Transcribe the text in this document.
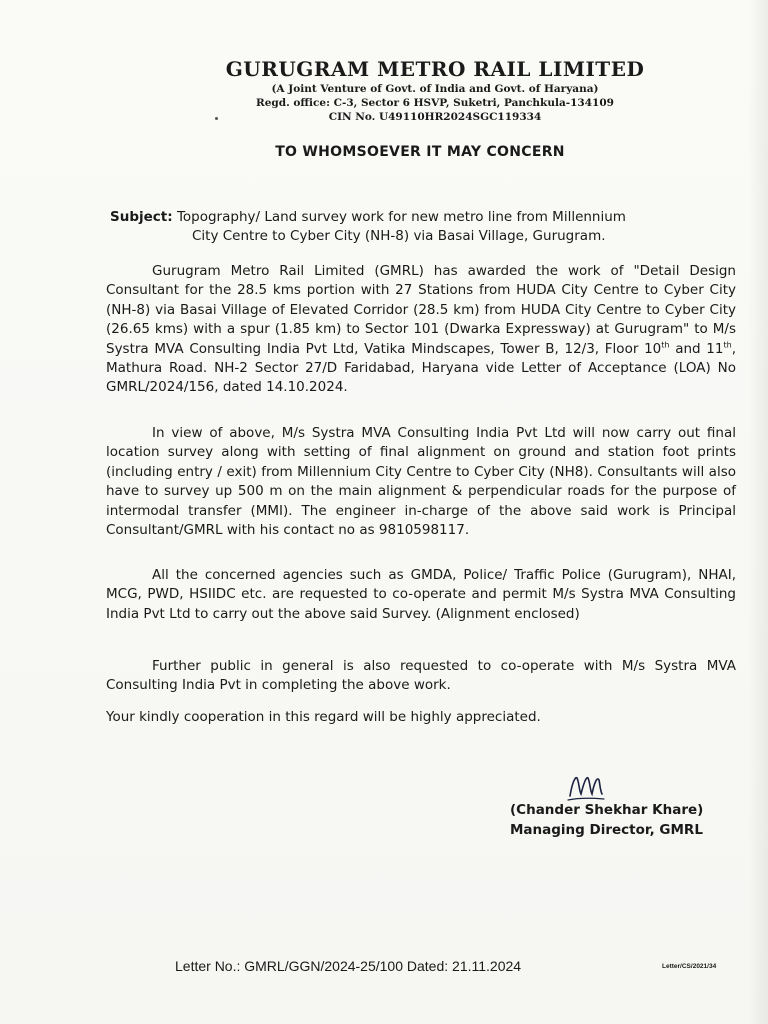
GURUGRAM METRO RAIL LIMITED

(A Joint Venture of Govt. of India and Govt. of Haryana)

Regd. office: C-3, Sector 6 HSVP, Suketri, Panchkula-134109

CIN No. U49110HR2024SGC119334

TO WHOMSOEVER IT MAY CONCERN
Subject: Topography/ Land survey work for new metro line from Millennium
City Centre to Cyber City (NH-8) via Basai Village, Gurugram.

Gurugram Metro Rail Limited (GMRL) has awarded the work of "Detail Design Consultant for the 28.5 kms portion with 27 Stations from HUDA City Centre to Cyber City (NH-8) via Basai Village of Elevated Corridor (28.5 km) from HUDA City Centre to Cyber City (26.65 kms) with a spur (1.85 km) to Sector 101 (Dwarka Expressway) at Gurugram" to M/s Systra MVA Consulting India Pvt Ltd, Vatika Mindscapes, Tower B, 12/3, Floor 10th and 11th, Mathura Road. NH-2 Sector 27/D Faridabad, Haryana vide Letter of Acceptance (LOA) No GMRL/2024/156, dated 14.10.2024.

In view of above, M/s Systra MVA Consulting India Pvt Ltd will now carry out final location survey along with setting of final alignment on ground and station foot prints (including entry / exit) from Millennium City Centre to Cyber City (NH8). Consultants will also have to survey up 500 m on the main alignment & perpendicular roads for the purpose of intermodal transfer (MMI). The engineer in-charge of the above said work is Principal Consultant/GMRL with his contact no as 9810598117.

All the concerned agencies such as GMDA, Police/ Traffic Police (Gurugram), NHAI, MCG, PWD, HSIIDC etc. are requested to co-operate and permit M/s Systra MVA Consulting India Pvt Ltd to carry out the above said Survey. (Alignment enclosed)

Further public in general is also requested to co-operate with M/s Systra MVA Consulting India Pvt in completing the above work.

Your kindly cooperation in this regard will be highly appreciated.

(Chander Shekhar Khare)
Managing Director, GMRL
Letter No.: GMRL/GGN/2024-25/100 Dated: 21.11.2024	Letter/CS/2021/34
